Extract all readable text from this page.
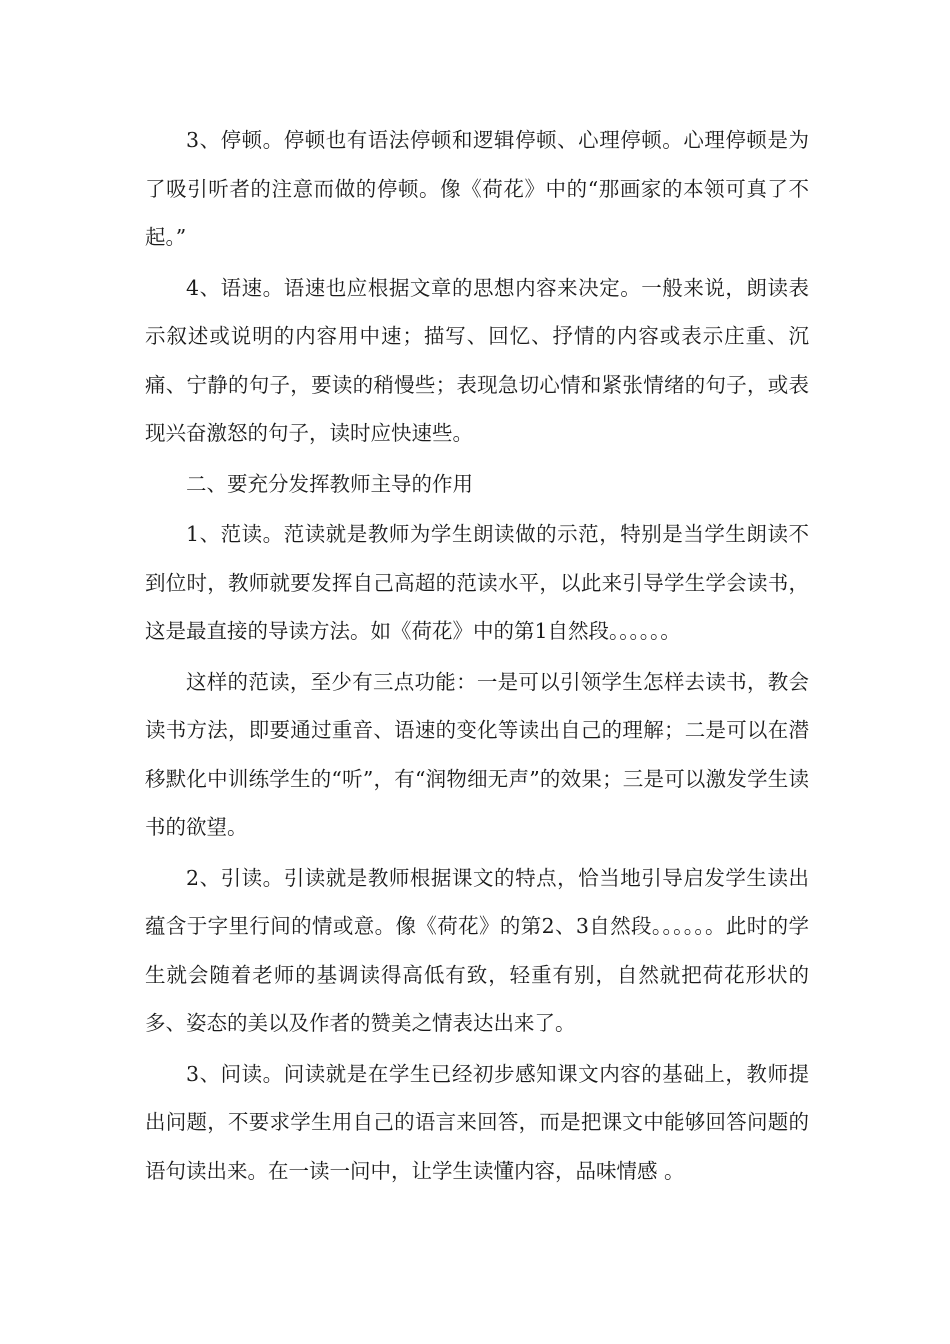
3、停顿。停顿也有语法停顿和逻辑停顿、心理停顿。心理停顿是为了吸引听者的注意而做的停顿。像《荷花》中的“那画家的本领可真了不起。”

4、语速。语速也应根据文章的思想内容来决定。一般来说，朗读表示叙述或说明的内容用中速；描写、回忆、抒情的内容或表示庄重、沉痛、宁静的句子，要读的稍慢些；表现急切心情和紧张情绪的句子，或表现兴奋激怒的句子，读时应快速些。

二、要充分发挥教师主导的作用

1、范读。范读就是教师为学生朗读做的示范，特别是当学生朗读不到位时，教师就要发挥自己高超的范读水平，以此来引导学生学会读书，这是最直接的导读方法。如《荷花》中的第1自然段。。。。。。

这样的范读，至少有三点功能：一是可以引领学生怎样去读书，教会读书方法，即要通过重音、语速的变化等读出自己的理解；二是可以在潜移默化中训练学生的“听”，有“润物细无声”的效果；三是可以激发学生读书的欲望。

2、引读。引读就是教师根据课文的特点，恰当地引导启发学生读出蕴含于字里行间的情或意。像《荷花》的第2、3自然段。。。。。。此时的学生就会随着老师的基调读得高低有致，轻重有别，自然就把荷花形状的多、姿态的美以及作者的赞美之情表达出来了。

3、问读。问读就是在学生已经初步感知课文内容的基础上，教师提出问题，不要求学生用自己的语言来回答，而是把课文中能够回答问题的语句读出来。在一读一问中，让学生读懂内容，品味情感 。
